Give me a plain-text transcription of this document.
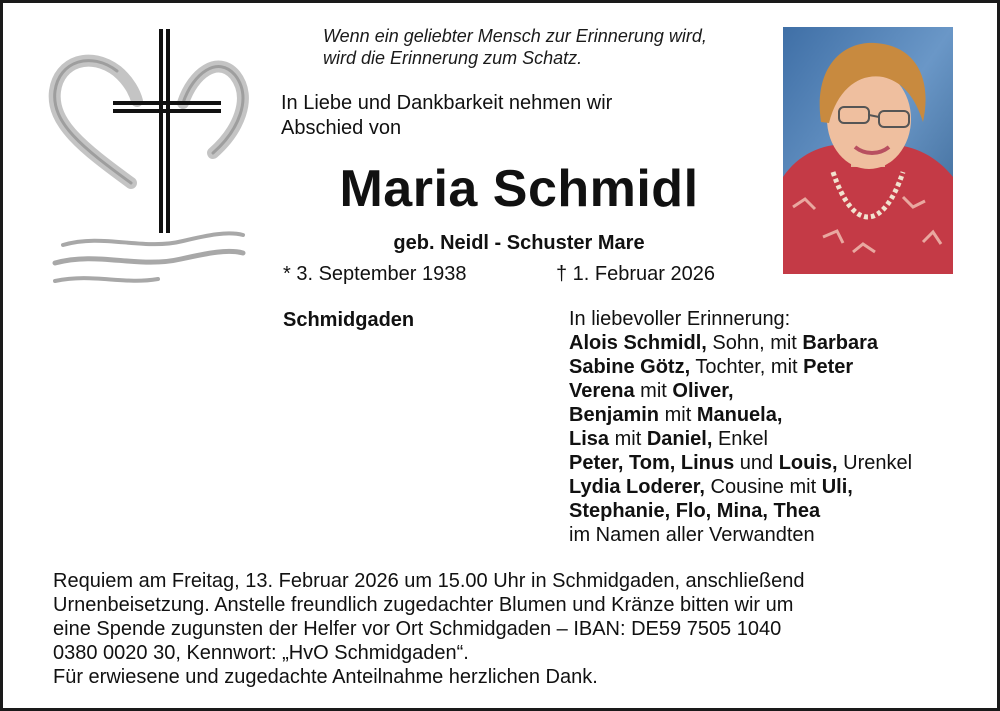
Wenn ein geliebter Mensch zur Erinnerung wird,
wird die Erinnerung zum Schatz.
In Liebe und Dankbarkeit nehmen wir
Abschied von
Maria Schmidl
geb. Neidl - Schuster Mare
* 3. September 1938	† 1. Februar 2026
Schmidgaden	In liebevoller Erinnerung:
Alois Schmidl, Sohn, mit Barbara
Sabine Götz, Tochter, mit Peter
Verena mit Oliver,
Benjamin mit Manuela,
Lisa mit Daniel, Enkel
Peter, Tom, Linus und Louis, Urenkel
Lydia Loderer, Cousine mit Uli,
Stephanie, Flo, Mina, Thea
im Namen aller Verwandten
Requiem am Freitag, 13. Februar 2026 um 15.00 Uhr in Schmidgaden, anschließend
Urnenbeisetzung. Anstelle freundlich zugedachter Blumen und Kränze bitten wir um
eine Spende zugunsten der Helfer vor Ort Schmidgaden – IBAN: DE59 7505 1040
0380 0020 30, Kennwort: „HvO Schmidgaden“.
Für erwiesene und zugedachte Anteilnahme herzlichen Dank.
